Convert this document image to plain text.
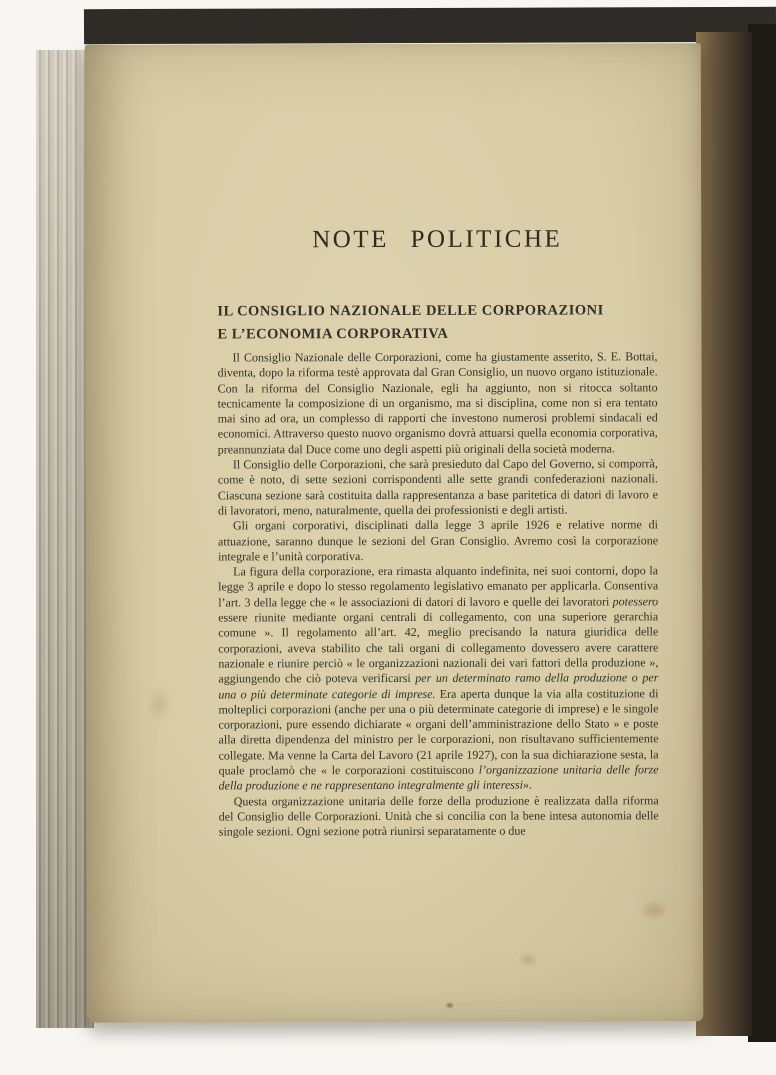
NOTE POLITICHE
IL CONSIGLIO NAZIONALE DELLE CORPORAZIONI
E L’ECONOMIA CORPORATIVA

Il Consiglio Nazionale delle Corporazioni, come ha giustamente asserito, S. E. Bottai, diventa, dopo la riforma testè approvata dal Gran Consiglio, un nuovo organo istituzionale. Con la riforma del Consiglio Nazionale, egli ha aggiunto, non si ritocca soltanto tecnicamente la composizione di un organismo, ma si disciplina, come non si era tentato mai sino ad ora, un complesso di rapporti che investono numerosi problemi sindacali ed economici. Attraverso questo nuovo organismo dovrà attuarsi quella economia corporativa, preannunziata dal Duce come uno degli aspetti più originali della società moderna.

Il Consiglio delle Corporazioni, che sarà presieduto dal Capo del Governo, si comporrà, come è noto, di sette sezioni corrispondenti alle sette grandi confederazioni nazionali. Ciascuna sezione sarà costituita dalla rappresentanza a base paritetica di datori di lavoro e di lavoratori, meno, naturalmente, quella dei professionisti e degli artisti.

Gli organi corporativi, disciplinati dalla legge 3 aprile 1926 e relative norme di attuazione, saranno dunque le sezioni del Gran Consiglio. Avremo così la corporazione integrale e l’unità corporativa.

La figura della corporazione, era rimasta alquanto indefinita, nei suoi contorni, dopo la legge 3 aprile e dopo lo stesso regolamento legislativo emanato per applicarla. Consentiva l’art. 3 della legge che « le associazioni di datori di lavoro e quelle dei lavoratori potessero essere riunite mediante organi centrali di collegamento, con una superiore gerarchia comune ». Il regolamento all’art. 42, meglio precisando la natura giuridica delle corporazioni, aveva stabilito che tali organi di collegamento dovessero avere carattere nazionale e riunire perciò « le organizzazioni nazionali dei vari fattori della produzione », aggiungendo che ciò poteva verificarsi per un determinato ramo della produzione o per una o più determinate categorie di imprese. Era aperta dunque la via alla costituzione di molteplici corporazioni (anche per una o più determinate categorie di imprese) e le singole corporazioni, pure essendo dichiarate « organi dell’amministrazione dello Stato » e poste alla diretta dipendenza del ministro per le corporazioni, non risultavano sufficientemente collegate. Ma venne la Carta del Lavoro (21 aprile 1927), con la sua dichiarazione sesta, la quale proclamò che « le corporazioni costituiscono l’organizzazione unitaria delle forze della produzione e ne rappresentano integralmente gli interessi».

Questa organizzazione unitaria delle forze della produzione è realizzata dalla riforma del Consiglio delle Corporazioni. Unità che si concilia con la bene intesa autonomia delle singole sezioni. Ogni sezione potrà riunirsi separatamente o due
